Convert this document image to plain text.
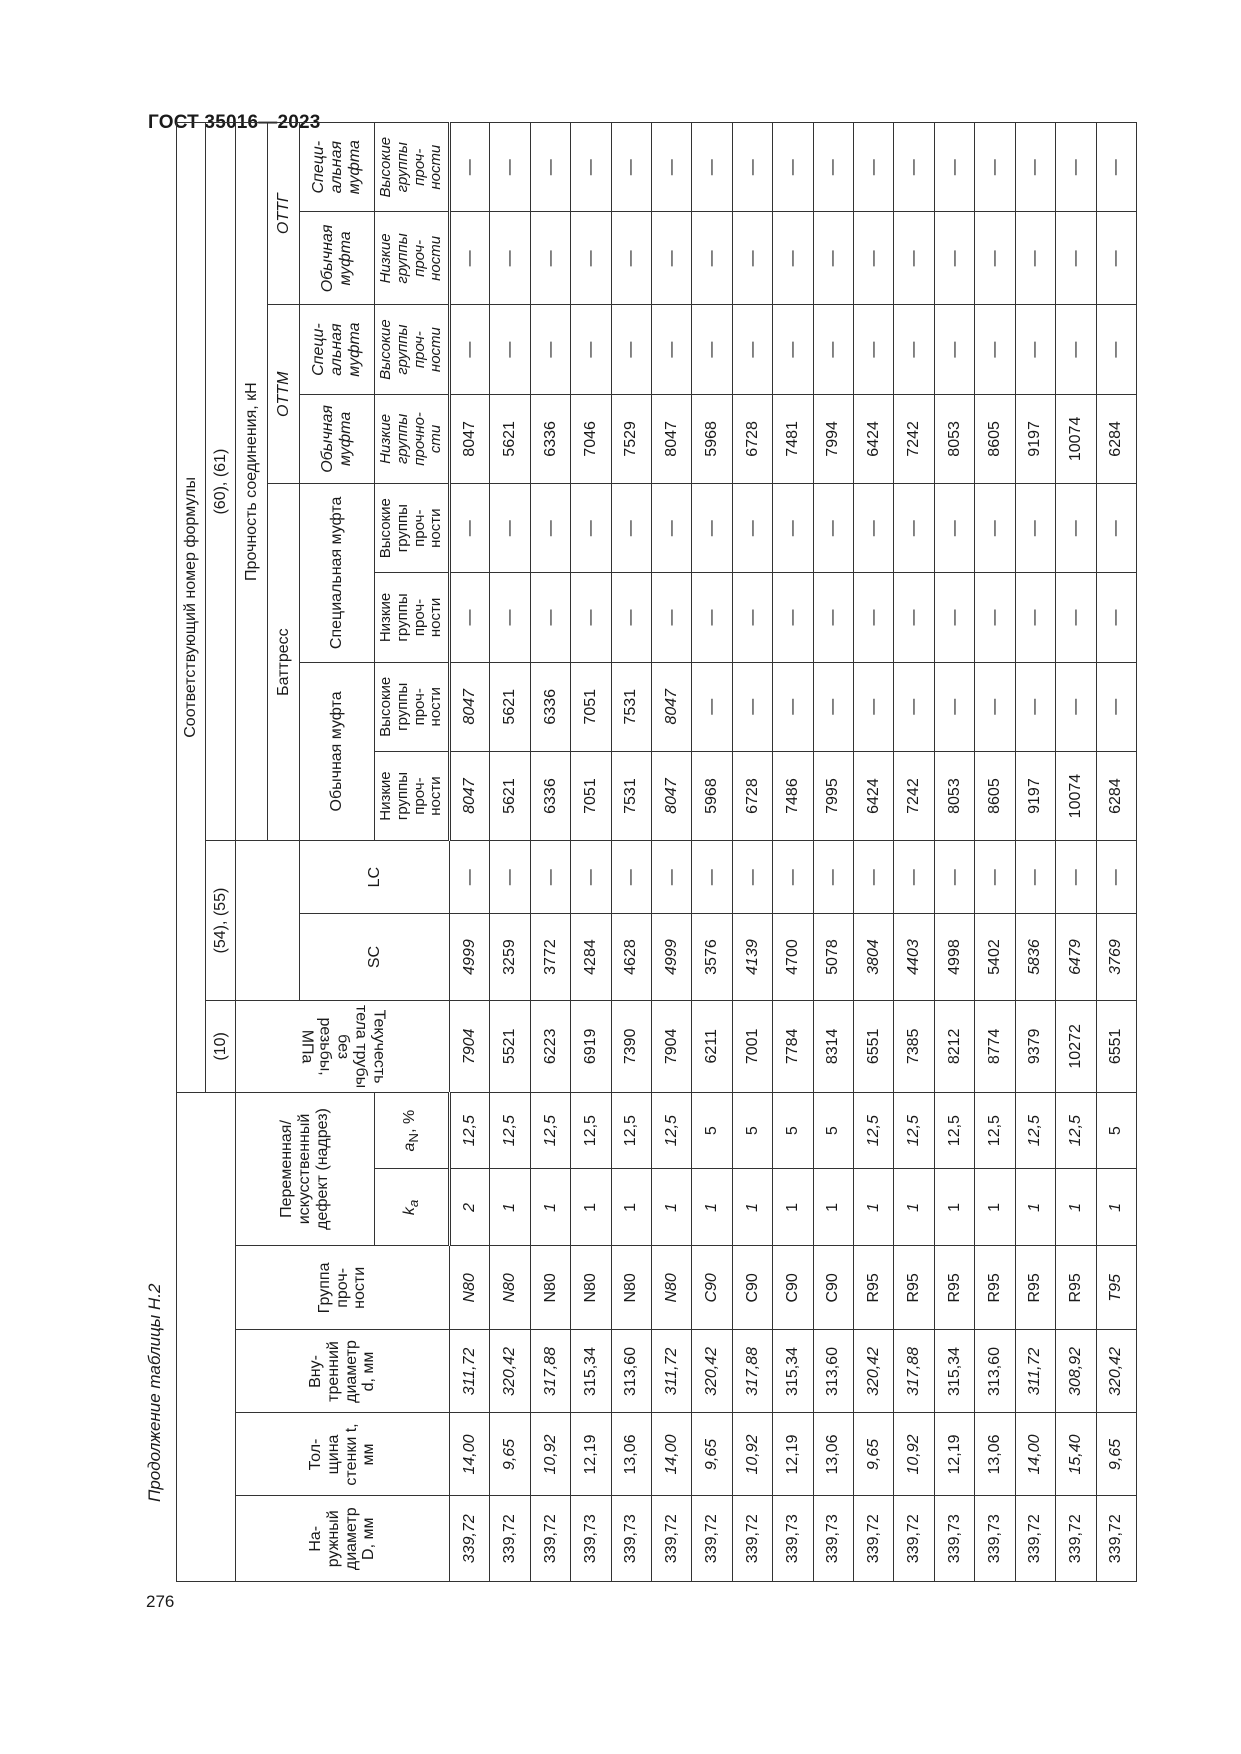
ГОСТ 35016—2023
276
Продолжение таблицы Н.2
						Соответствующий номер формулы										
						(10)	(54), (55)		(60), (61)							
На-
ружный
диаметр
D, мм	Тол-
щина
стенки t,
мм	Вну-
тренний
диаметр
d, мм	Группа
проч-
ности	Переменная/
искусственный
дефект (надрез)		Текучесть тела трубы без
резьбы, МПа			Прочность соединения, кН							
									Баттресс				ОТТМ		ОТТГ	
							SC	LC	Обычная муфта		Специальная муфта		Обычная муфта	Специ-
альная
муфта	Обычная муфта	Специ-
альная
муфта
				$k_a$	$a_N$, %				Низкие
группы
проч-
ности	Высокие
группы
проч-
ности	Низкие
группы
проч-
ности	Высокие
группы
проч-
ности	Низкие
группы
прочно-
сти	Высокие
группы
проч-
ности	Низкие
группы
проч-
ности	Высокие
группы
проч-
ности
339,72	14,00	311,72	N80	2	12,5	7904	4999	—	8047	8047	—	—	8047	—	—	—
339,72	9,65	320,42	N80	1	12,5	5521	3259	—	5621	5621	—	—	5621	—	—	—
339,72	10,92	317,88	N80	1	12,5	6223	3772	—	6336	6336	—	—	6336	—	—	—
339,73	12,19	315,34	N80	1	12,5	6919	4284	—	7051	7051	—	—	7046	—	—	—
339,73	13,06	313,60	N80	1	12,5	7390	4628	—	7531	7531	—	—	7529	—	—	—
339,72	14,00	311,72	N80	1	12,5	7904	4999	—	8047	8047	—	—	8047	—	—	—
339,72	9,65	320,42	C90	1	5	6211	3576	—	5968	—	—	—	5968	—	—	—
339,72	10,92	317,88	C90	1	5	7001	4139	—	6728	—	—	—	6728	—	—	—
339,73	12,19	315,34	C90	1	5	7784	4700	—	7486	—	—	—	7481	—	—	—
339,73	13,06	313,60	C90	1	5	8314	5078	—	7995	—	—	—	7994	—	—	—
339,72	9,65	320,42	R95	1	12,5	6551	3804	—	6424	—	—	—	6424	—	—	—
339,72	10,92	317,88	R95	1	12,5	7385	4403	—	7242	—	—	—	7242	—	—	—
339,73	12,19	315,34	R95	1	12,5	8212	4998	—	8053	—	—	—	8053	—	—	—
339,73	13,06	313,60	R95	1	12,5	8774	5402	—	8605	—	—	—	8605	—	—	—
339,72	14,00	311,72	R95	1	12,5	9379	5836	—	9197	—	—	—	9197	—	—	—
339,72	15,40	308,92	R95	1	12,5	10272	6479	—	10074	—	—	—	10074	—	—	—
339,72	9,65	320,42	T95	1	5	6551	3769	—	6284	—	—	—	6284	—	—	—
